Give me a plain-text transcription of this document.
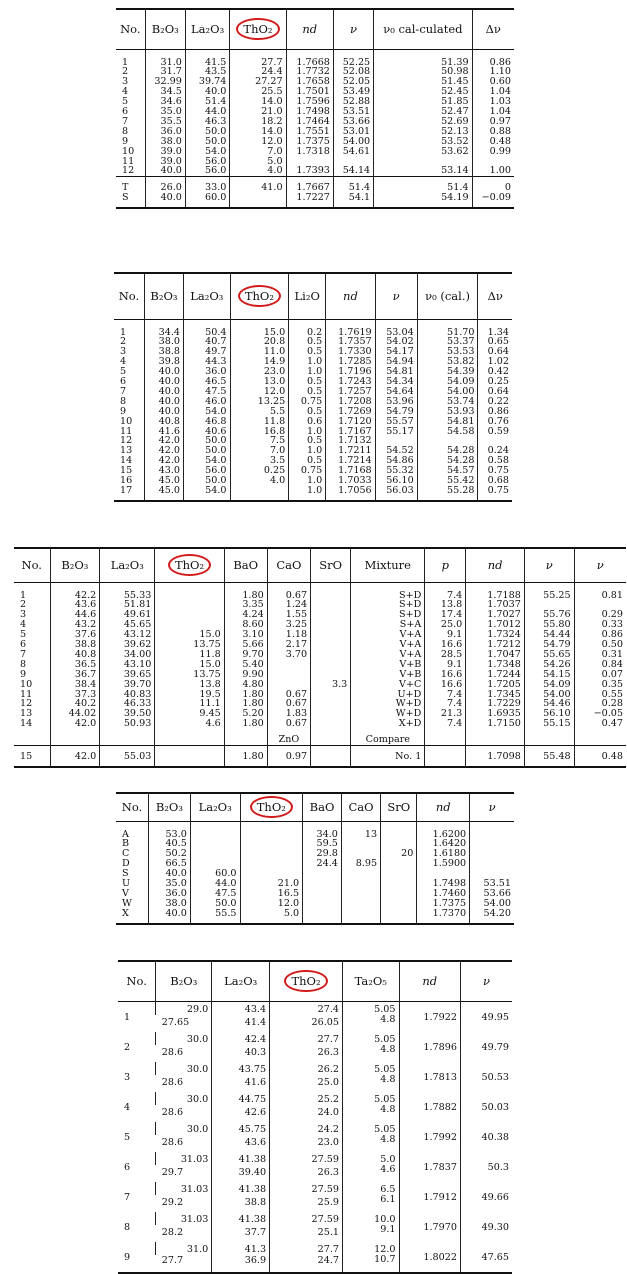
No.	B₂O₃	La₂O₃	ThO₂	nd	ν	ν₀ cal-culated	Δν
1	31.0	41.5	27.7	1.7668	52.25	51.39	0.86
2	31.7	43.5	24.4	1.7732	52.08	50.98	1.10
3	32.99	39.74	27.27	1.7658	52.05	51.45	0.60
4	34.5	40.0	25.5	1.7501	53.49	52.45	1.04
5	34.6	51.4	14.0	1.7596	52.88	51.85	1.03
6	35.0	44.0	21.0	1.7498	53.51	52.47	1.04
7	35.5	46.3	18.2	1.7464	53.66	52.69	0.97
8	36.0	50.0	14.0	1.7551	53.01	52.13	0.88
9	38.0	50.0	12.0	1.7375	54.00	53.52	0.48
10	39.0	54.0	7.0	1.7318	54.61	53.62	0.99
11	39.0	56.0	5.0				
12	40.0	56.0	4.0	1.7393	54.14	53.14	1.00
T	26.0	33.0	41.0	1.7667	51.4	51.4	0
S	40.0	60.0		1.7227	54.1	54.19	−0.09
No.	B₂O₃	La₂O₃	ThO₂	Li₂O	nd	ν	ν₀ (cal.)	Δν
1	34.4	50.4	15.0	0.2	1.7619	53.04	51.70	1.34
2	38.0	40.7	20.8	0.5	1.7357	54.02	53.37	0.65
3	38.8	49.7	11.0	0.5	1.7330	54.17	53.53	0.64
4	39.8	44.3	14.9	1.0	1.7285	54.94	53.82	1.02
5	40.0	36.0	23.0	1.0	1.7196	54.81	54.39	0.42
6	40.0	46.5	13.0	0.5	1.7243	54.34	54.09	0.25
7	40.0	47.5	12.0	0.5	1.7257	54.64	54.00	0.64
8	40.0	46.0	13.25	0.75	1.7208	53.96	53.74	0.22
9	40.0	54.0	5.5	0.5	1.7269	54.79	53.93	0.86
10	40.8	46.8	11.8	0.6	1.7120	55.57	54.81	0.76
11	41.6	40.6	16.8	1.0	1.7167	55.17	54.58	0.59
12	42.0	50.0	7.5	0.5	1.7132			
13	42.0	50.0	7.0	1.0	1.7211	54.52	54.28	0.24
14	42.0	54.0	3.5	0.5	1.7214	54.86	54.28	0.58
15	43.0	56.0	0.25	0.75	1.7168	55.32	54.57	0.75
16	45.0	50.0	4.0	1.0	1.7033	56.10	55.42	0.68
17	45.0	54.0		1.0	1.7056	56.03	55.28	0.75
No.	B₂O₃	La₂O₃	ThO₂	BaO	CaO	SrO	Mixture	p	nd	ν	ν
1	42.2	55.33		1.80	0.67		S+D	7.4	1.7188	55.25	0.81
2	43.6	51.81		3.35	1.24		S+D	13.8	1.7037		
3	44.6	49.61		4.24	1.55		S+D	17.4	1.7027	55.76	0.29
4	43.2	45.65		8.60	3.25		S+A	25.0	1.7012	55.80	0.33
5	37.6	43.12	15.0	3.10	1.18		V+A	9.1	1.7324	54.44	0.86
6	38.8	39.62	13.75	5.66	2.17		V+A	16.6	1.7212	54.79	0.50
7	40.8	34.00	11.8	9.70	3.70		V+A	28.5	1.7047	55.65	0.31
8	36.5	43.10	15.0	5.40			V+B	9.1	1.7348	54.26	0.84
9	36.7	39.65	13.75	9.90			V+B	16.6	1.7244	54.15	0.07
10	38.4	39.70	13.8	4.80		3.3	V+C	16.6	1.7205	54.09	0.35
11	37.3	40.83	19.5	1.80	0.67		U+D	7.4	1.7345	54.00	0.55
12	40.2	46.33	11.1	1.80	0.67		W+D	7.4	1.7229	54.46	0.28
13	44.02	39.50	9.45	5.20	1.83		W+D	21.3	1.6935	56.10	−0.05
14	42.0	50.93	4.6	1.80	0.67		X+D	7.4	1.7150	55.15	0.47
					ZnO		Compare				
15	42.0	55.03		1.80	0.97		No. 1		1.7098	55.48	0.48
No.	B₂O₃	La₂O₃	ThO₂	BaO	CaO	SrO	nd	ν
A	53.0			34.0	13		1.6200	
B	40.5			59.5			1.6420	
C	50.2			29.8		20	1.6180	
D	66.5			24.4	8.95		1.5900	
S	40.0	60.0						
U	35.0	44.0	21.0				1.7498	53.51
V	36.0	47.5	16.5				1.7460	53.66
W	38.0	50.0	12.0				1.7375	54.00
X	40.0	55.5	5.0				1.7370	54.20
No.	B₂O₃	La₂O₃	ThO₂	Ta₂O₅	nd	ν
1	29.0	43.4	27.4	5.05	1.7922	49.95
	27.65	41.4	26.05	4.8		
2	30.0	42.4	27.7	5.05	1.7896	49.79
	28.6	40.3	26.3	4.8		
3	30.0	43.75	26.2	5.05	1.7813	50.53
	28.6	41.6	25.0	4.8		
4	30.0	44.75	25.2	5.05	1.7882	50.03
	28.6	42.6	24.0	4.8		
5	30.0	45.75	24.2	5.05	1.7992	40.38
	28.6	43.6	23.0	4.8		
6	31.03	41.38	27.59	5.0	1.7837	50.3
	29.7	39.40	26.3	4.6		
7	31.03	41.38	27.59	6.5	1.7912	49.66
	29.2	38.8	25.9	6.1		
8	31.03	41.38	27.59	10.0	1.7970	49.30
	28.2	37.7	25.1	9.1		
9	31.0	41.3	27.7	12.0	1.8022	47.65
	27.7	36.9	24.7	10.7		
